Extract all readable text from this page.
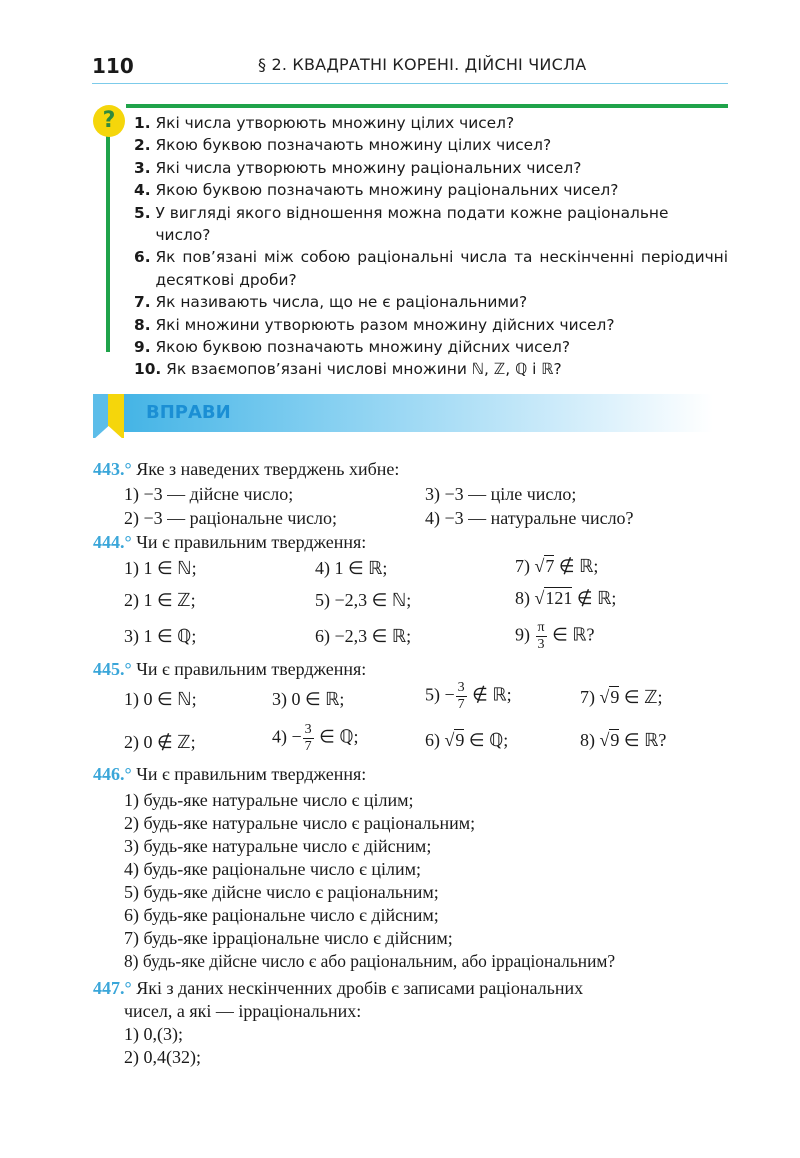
110	§ 2. КВАДРАТНІ КОРЕНІ. ДІЙСНІ ЧИСЛА
?	1.
Які числа утворюють множину цілих чисел?
2.
Якою буквою позначають множину цілих чисел?
3.
Які числа утворюють множину раціональних чисел?
4.
Якою буквою позначають множину раціональних чисел?
5.
У вигляді якого відношення можна подати кожне раціональне число?
6.
Як пов’язані між собою раціональні числа та нескінченні періодичні десяткові дроби?
7.
Як називають числа, що не є раціональними?
8.
Які множини утворюють разом множину дійсних чисел?
9.
Якою буквою позначають множину дійсних чисел?
10.
Як взаємопов’язані числові множини ℕ, ℤ, ℚ і ℝ?
ВПРАВИ
443.° Яке з наведених тверджень хибне:
1) −3 — дійсне число;	3) −3 — ціле число;
2) −3 — раціональне число;	4) −3 — натуральне число?
444.° Чи є правильним твердження:
1) 1 ∈ ℕ;	4) 1 ∈ ℝ;	7) √7 ∉ ℝ;
2) 1 ∈ ℤ;	5) −2,3 ∈ ℕ;	8) √121 ∉ ℝ;
3) 1 ∈ ℚ;	6) −2,3 ∈ ℝ;	$9) \frac{\pi}{3}$ ∈ ℝ?
445.° Чи є правильним твердження:
1) 0 ∈ ℕ;	3) 0 ∈ ℝ;	$5) - \frac{3}{7}$ ∉ ℝ;	7) √9 ∈ ℤ;
2) 0 ∉ ℤ;	$4) - \frac{3}{7}$ ∈ ℚ;	6) √9 ∈ ℚ;	8) √9 ∈ ℝ?
446.° Чи є правильним твердження:
1) будь-яке натуральне число є цілим;
2) будь-яке натуральне число є раціональним;
3) будь-яке натуральне число є дійсним;
4) будь-яке раціональне число є цілим;
5) будь-яке дійсне число є раціональним;
6) будь-яке раціональне число є дійсним;
7) будь-яке ірраціональне число є дійсним;
8) будь-яке дійсне число є або раціональним, або ірраціональним?
447.° Які з даних нескінченних дробів є записами раціональних
чисел, а які — ірраціональних:
1) 0,(3);
2) 0,4(32);
